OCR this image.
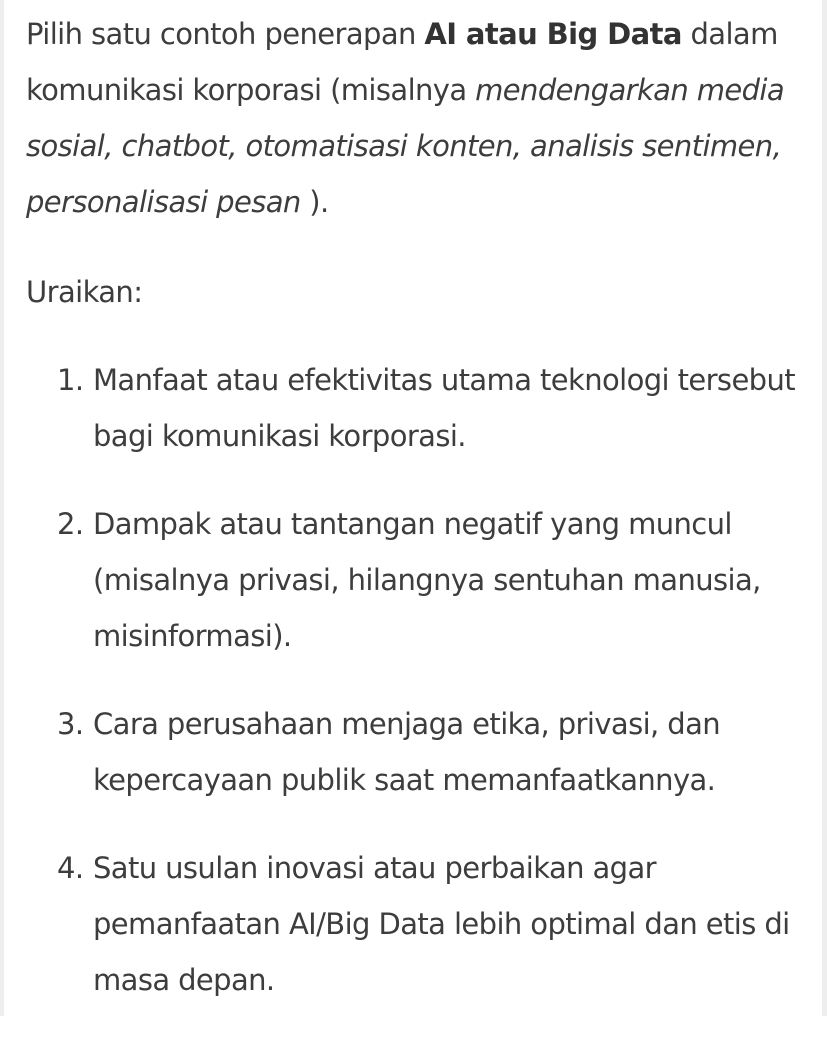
Pilih satu contoh penerapan AI atau Big Data dalam komunikasi korporasi (misalnya mendengarkan media sosial, chatbot, otomatisasi konten, analisis sentimen, personalisasi pesan ).

Uraikan:

1. Manfaat atau efektivitas utama teknologi tersebut bagi komunikasi korporasi.
2. Dampak atau tantangan negatif yang muncul (misalnya privasi, hilangnya sentuhan manusia, misinformasi).
3. Cara perusahaan menjaga etika, privasi, dan kepercayaan publik saat memanfaatkannya.
4. Satu usulan inovasi atau perbaikan agar pemanfaatan AI/Big Data lebih optimal dan etis di masa depan.
